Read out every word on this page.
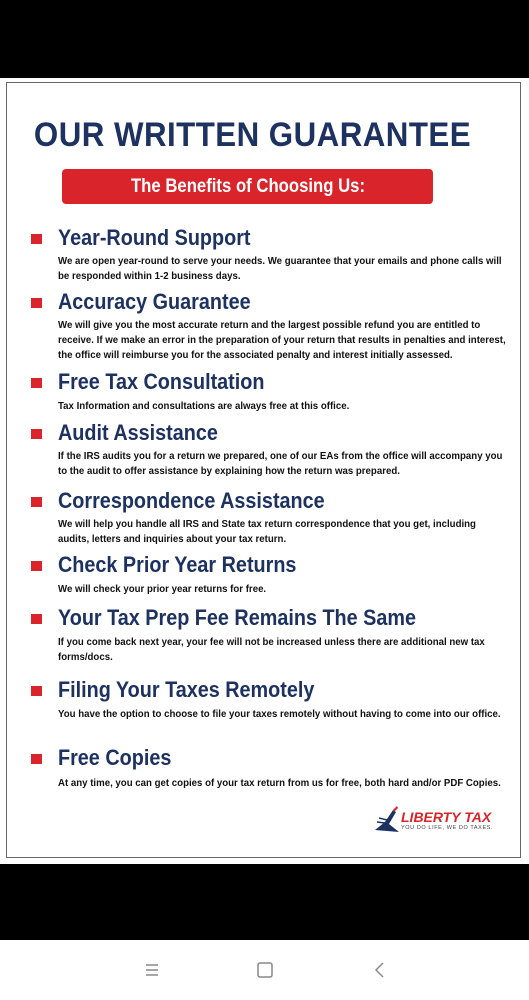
OUR WRITTEN GUARANTEE
The Benefits of Choosing Us:
Year-Round Support
We are open year-round to serve your needs. We guarantee that your emails and phone calls will be responded within 1-2 business days.
Accuracy Guarantee
We will give you the most accurate return and the largest possible refund you are entitled to receive. If we make an error in the preparation of your return that results in penalties and interest, the office will reimburse you for the associated penalty and interest initially assessed.
Free Tax Consultation
Tax Information and consultations are always free at this office.
Audit Assistance
If the IRS audits you for a return we prepared, one of our EAs from the office will accompany you to the audit to offer assistance by explaining how the return was prepared.
Correspondence Assistance
We will help you handle all IRS and State tax return correspondence that you get, including audits, letters and inquiries about your tax return.
Check Prior Year Returns
We will check your prior year returns for free.
Your Tax Prep Fee Remains The Same
If you come back next year, your fee will not be increased unless there are additional new tax forms/docs.
Filing Your Taxes Remotely
You have the option to choose to file your taxes remotely without having to come into our office.
Free Copies
At any time, you can get copies of your tax return from us for free, both hard and/or PDF Copies.
LIBERTY TAX
YOU DO LIFE, WE DO TAXES.
